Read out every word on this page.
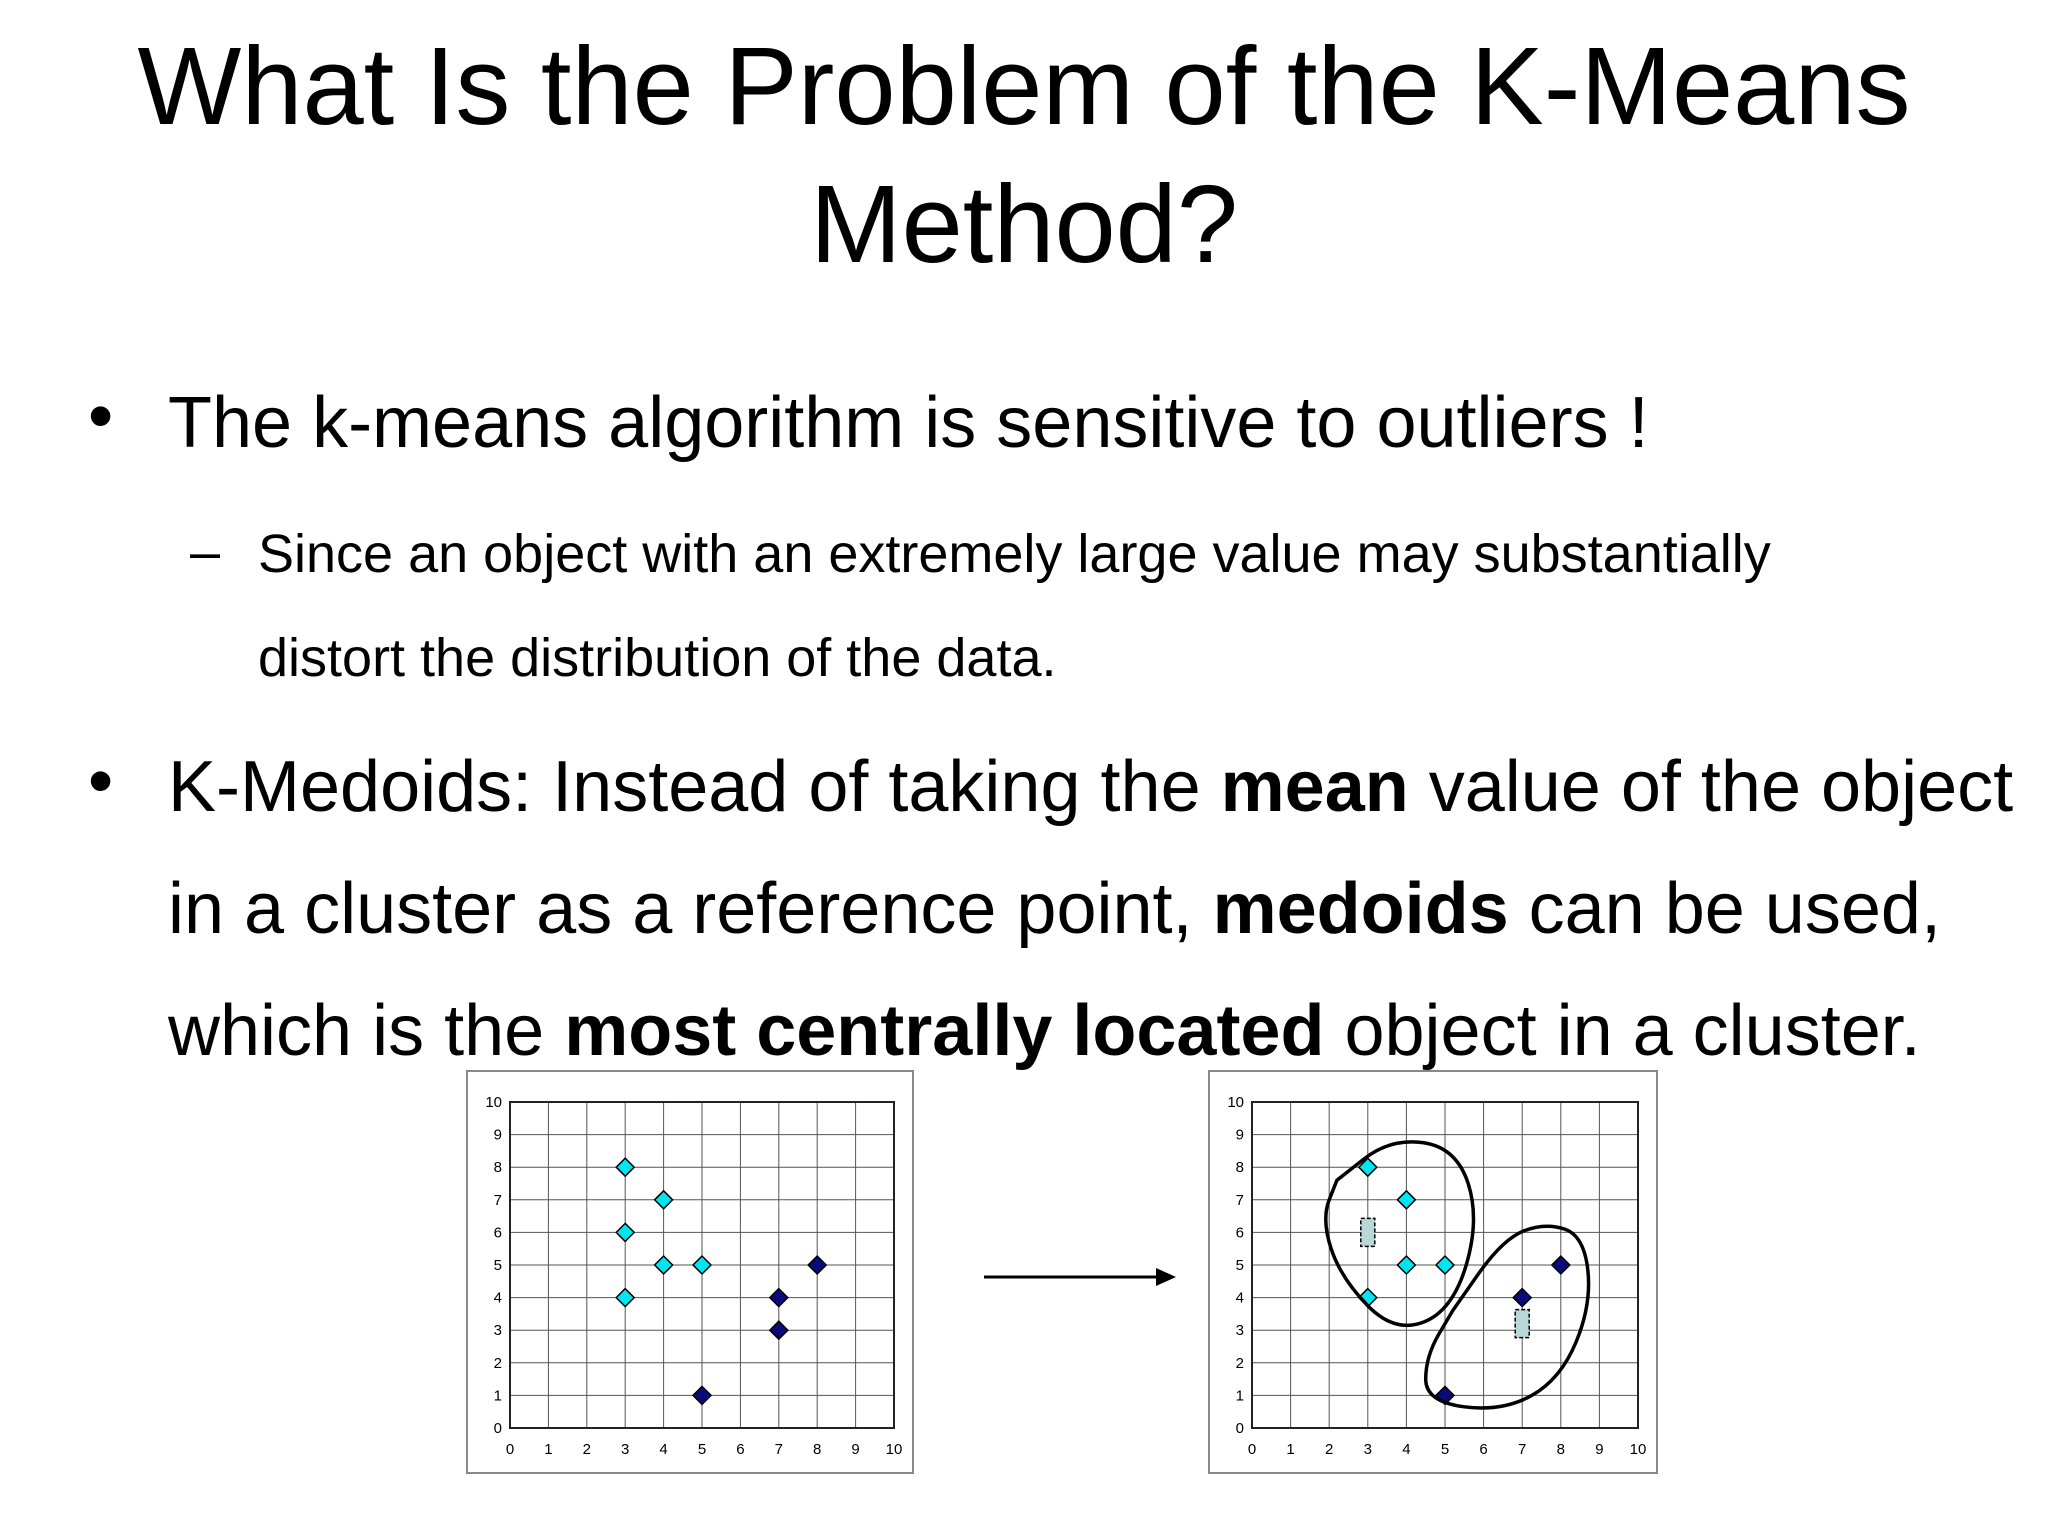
What Is the Problem of the K-Means
Method?
• The k-means algorithm is sensitive to outliers !
– Since an object with an extremely large value may substantially
distort the distribution of the data.
• K-Medoids: Instead of taking the mean value of the object
in a cluster as a reference point, medoids can be used,
which is the most centrally located object in a cluster.
0 1 2 3 4 5 6 7 8 9 10
0
1
2
3
4
5
6
7
8
9
10
0 1 2 3 4 5 6 7 8 9 10
0
1
2
3
4
5
6
7
8
9
10
